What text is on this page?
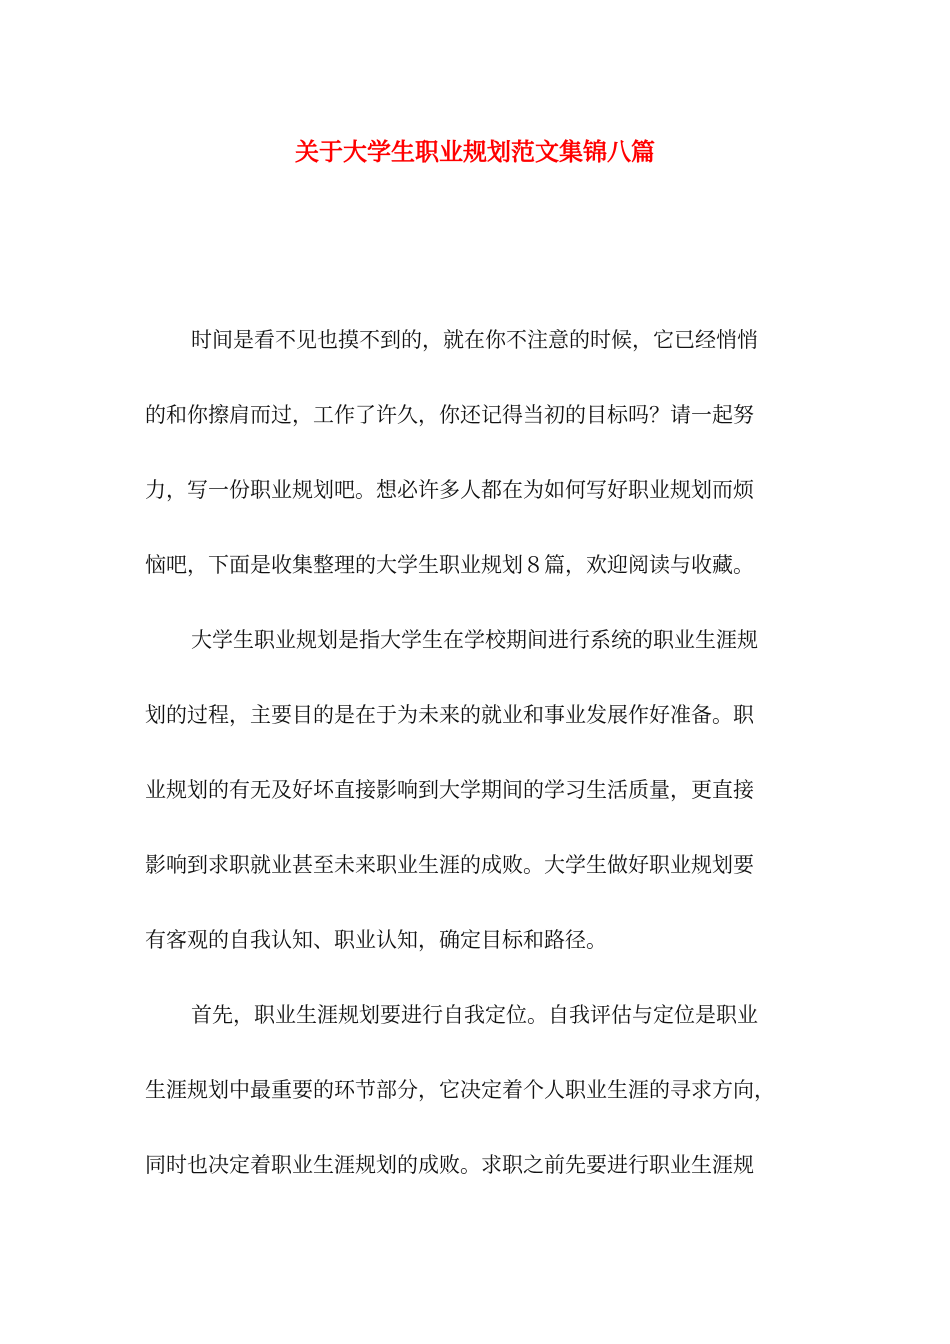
关于大学生职业规划范文集锦八篇
时间是看不见也摸不到的，就在你不注意的时候，它已经悄悄
的和你擦肩而过，工作了许久，你还记得当初的目标吗？请一起努
力，写一份职业规划吧。想必许多人都在为如何写好职业规划而烦
恼吧，下面是收集整理的大学生职业规划８篇，欢迎阅读与收藏。
大学生职业规划是指大学生在学校期间进行系统的职业生涯规
划的过程，主要目的是在于为未来的就业和事业发展作好准备。职
业规划的有无及好坏直接影响到大学期间的学习生活质量，更直接
影响到求职就业甚至未来职业生涯的成败。大学生做好职业规划要
有客观的自我认知、职业认知，确定目标和路径。
首先，职业生涯规划要进行自我定位。自我评估与定位是职业
生涯规划中最重要的环节部分，它决定着个人职业生涯的寻求方向，
同时也决定着职业生涯规划的成败。求职之前先要进行职业生涯规
